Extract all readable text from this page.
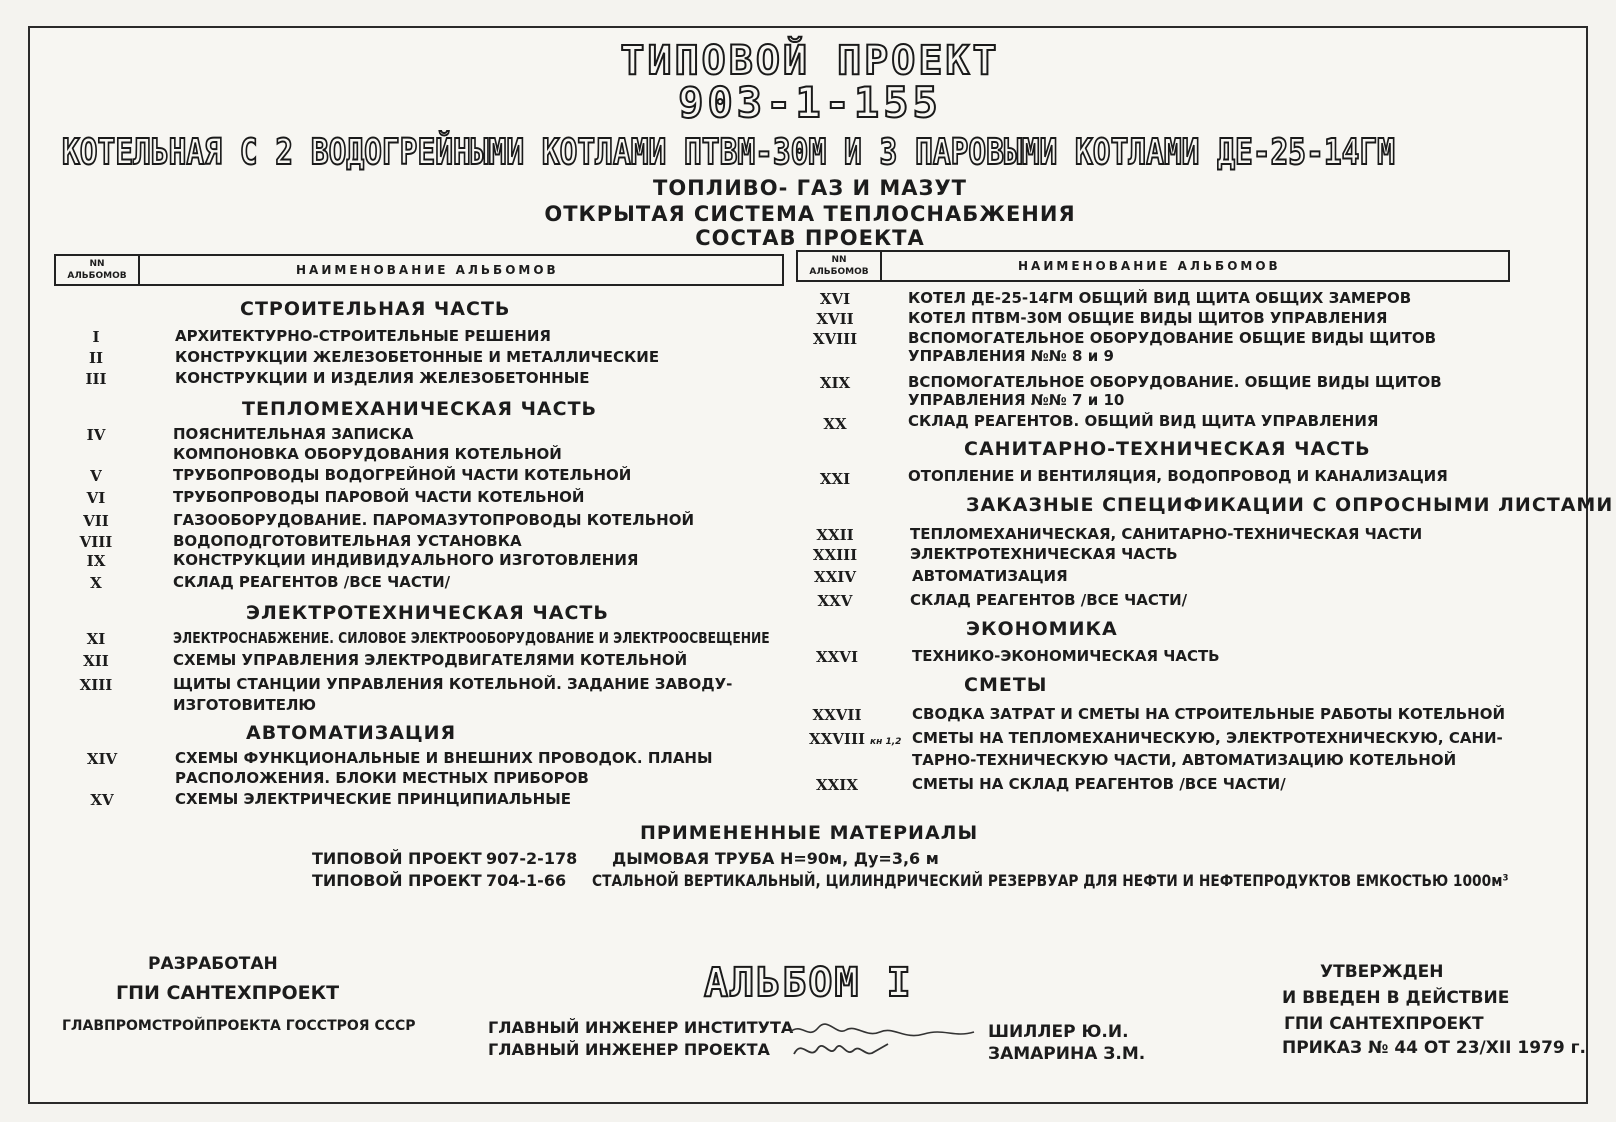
ТИПОВОЙ ПРОЕКТ
903-1-155
КОТЕЛЬНАЯ С 2 ВОДОГРЕЙНЫМИ КОТЛАМИ ПТВМ-30М И 3 ПАРОВЫМИ КОТЛАМИ ДЕ-25-14ГМ
ТОПЛИВО- ГАЗ И МАЗУТ
ОТКРЫТАЯ СИСТЕМА ТЕПЛОСНАБЖЕНИЯ
СОСТАВ ПРОЕКТА
NN
АЛЬБОМОВ	НАИМЕНОВАНИЕ АЛЬБОМОВ
NN
АЛЬБОМОВ	НАИМЕНОВАНИЕ АЛЬБОМОВ
СТРОИТЕЛЬНАЯ ЧАСТЬ
I	АРХИТЕКТУРНО-СТРОИТЕЛЬНЫЕ РЕШЕНИЯ
II	КОНСТРУКЦИИ ЖЕЛЕЗОБЕТОННЫЕ И МЕТАЛЛИЧЕСКИЕ
III	КОНСТРУКЦИИ И ИЗДЕЛИЯ ЖЕЛЕЗОБЕТОННЫЕ
ТЕПЛОМЕХАНИЧЕСКАЯ ЧАСТЬ
IV	ПОЯСНИТЕЛЬНАЯ ЗАПИСКА
КОМПОНОВКА ОБОРУДОВАНИЯ КОТЕЛЬНОЙ
V	ТРУБОПРОВОДЫ ВОДОГРЕЙНОЙ ЧАСТИ КОТЕЛЬНОЙ
VI	ТРУБОПРОВОДЫ ПАРОВОЙ ЧАСТИ КОТЕЛЬНОЙ
VII	ГАЗООБОРУДОВАНИЕ. ПАРОМАЗУТОПРОВОДЫ КОТЕЛЬНОЙ
VIII	ВОДОПОДГОТОВИТЕЛЬНАЯ УСТАНОВКА
IX	КОНСТРУКЦИИ ИНДИВИДУАЛЬНОГО ИЗГОТОВЛЕНИЯ
X	СКЛАД РЕАГЕНТОВ /ВСЕ ЧАСТИ/
ЭЛЕКТРОТЕХНИЧЕСКАЯ ЧАСТЬ
XI	ЭЛЕКТРОСНАБЖЕНИЕ. СИЛОВОЕ ЭЛЕКТРООБОРУДОВАНИЕ И ЭЛЕКТРООСВЕЩЕНИЕ
XII	СХЕМЫ УПРАВЛЕНИЯ ЭЛЕКТРОДВИГАТЕЛЯМИ КОТЕЛЬНОЙ
XIII	ЩИТЫ СТАНЦИИ УПРАВЛЕНИЯ КОТЕЛЬНОЙ. ЗАДАНИЕ ЗАВОДУ-
ИЗГОТОВИТЕЛЮ
АВТОМАТИЗАЦИЯ
XIV	СХЕМЫ ФУНКЦИОНАЛЬНЫЕ И ВНЕШНИХ ПРОВОДОК. ПЛАНЫ
РАСПОЛОЖЕНИЯ. БЛОКИ МЕСТНЫХ ПРИБОРОВ
XV	СХЕМЫ ЭЛЕКТРИЧЕСКИЕ ПРИНЦИПИАЛЬНЫЕ
XVI	КОТЕЛ ДЕ-25-14ГМ ОБЩИЙ ВИД ЩИТА ОБЩИХ ЗАМЕРОВ
XVII	КОТЕЛ ПТВМ-30М ОБЩИЕ ВИДЫ ЩИТОВ УПРАВЛЕНИЯ
XVIII	ВСПОМОГАТЕЛЬНОЕ ОБОРУДОВАНИЕ ОБЩИЕ ВИДЫ ЩИТОВ
УПРАВЛЕНИЯ №№ 8 и 9
XIX	ВСПОМОГАТЕЛЬНОЕ ОБОРУДОВАНИЕ. ОБЩИЕ ВИДЫ ЩИТОВ
УПРАВЛЕНИЯ №№ 7 и 10
XX	СКЛАД РЕАГЕНТОВ. ОБЩИЙ ВИД ЩИТА УПРАВЛЕНИЯ
САНИТАРНО-ТЕХНИЧЕСКАЯ ЧАСТЬ
XXI	ОТОПЛЕНИЕ И ВЕНТИЛЯЦИЯ, ВОДОПРОВОД И КАНАЛИЗАЦИЯ
ЗАКАЗНЫЕ СПЕЦИФИКАЦИИ С ОПРОСНЫМИ ЛИСТАМИ
XXII	ТЕПЛОМЕХАНИЧЕСКАЯ, САНИТАРНО-ТЕХНИЧЕСКАЯ ЧАСТИ
XXIII	ЭЛЕКТРОТЕХНИЧЕСКАЯ ЧАСТЬ
XXIV	АВТОМАТИЗАЦИЯ
XXV	СКЛАД РЕАГЕНТОВ /ВСЕ ЧАСТИ/
ЭКОНОМИКА
XXVI	ТЕХНИКО-ЭКОНОМИЧЕСКАЯ ЧАСТЬ
СМЕТЫ
XXVII	СВОДКА ЗАТРАТ И СМЕТЫ НА СТРОИТЕЛЬНЫЕ РАБОТЫ КОТЕЛЬНОЙ
XXVIII кн 1,2 СМЕТЫ НА ТЕПЛОМЕХАНИЧЕСКУЮ, ЭЛЕКТРОТЕХНИЧЕСКУЮ, САНИ-
ТАРНО-ТЕХНИЧЕСКУЮ ЧАСТИ, АВТОМАТИЗАЦИЮ КОТЕЛЬНОЙ
XXIX	СМЕТЫ НА СКЛАД РЕАГЕНТОВ /ВСЕ ЧАСТИ/
ПРИМЕНЕННЫЕ МАТЕРИАЛЫ
ТИПОВОЙ ПРОЕКТ 907-2-178 ДЫМОВАЯ ТРУБА Н=90м, Ду=3,6 м
ТИПОВОЙ ПРОЕКТ 704-1-66 СТАЛЬНОЙ ВЕРТИКАЛЬНЫЙ, ЦИЛИНДРИЧЕСКИЙ РЕЗЕРВУАР ДЛЯ НЕФТИ И НЕФТЕПРОДУКТОВ ЕМКОСТЬЮ 1000м³
РАЗРАБОТАН
ГПИ САНТЕХПРОЕКТ
ГЛАВПРОМСТРОЙПРОЕКТА ГОССТРОЯ СССР
АЛЬБОМ I
ГЛАВНЫЙ ИНЖЕНЕР ИНСТИТУТА
ГЛАВНЫЙ ИНЖЕНЕР ПРОЕКТА
ШИЛЛЕР Ю.И.
ЗАМАРИНА З.М.
УТВЕРЖДЕН
И ВВЕДЕН В ДЕЙСТВИЕ
ГПИ САНТЕХПРОЕКТ
ПРИКАЗ № 44 ОТ 23/XII 1979 г.
